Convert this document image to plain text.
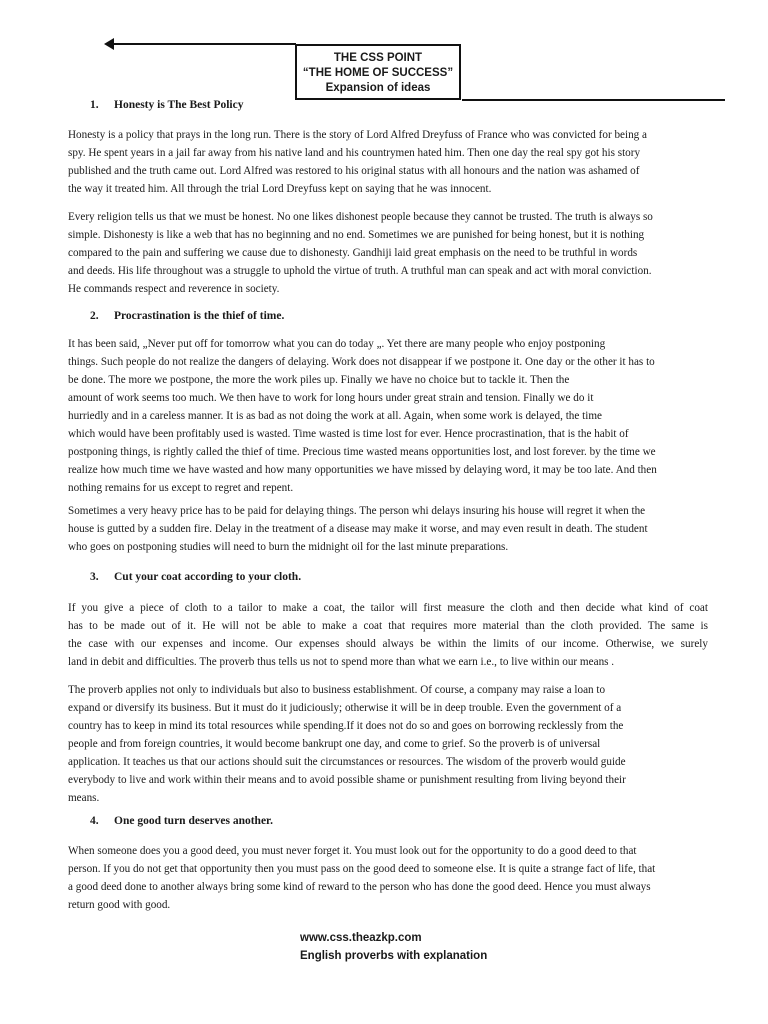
THE CSS POINT
“THE HOME OF SUCCESS”
Expansion of ideas
1. Honesty is The Best Policy
Honesty is a policy that prays in the long run. There is the story of Lord Alfred Dreyfuss of France who was convicted for being a spy. He spent years in a jail far away from his native land and his countrymen hated him. Then one day the real spy got his story published and the truth came out. Lord Alfred was restored to his original status with all honours and the nation was ashamed of the way it treated him. All through the trial Lord Dreyfuss kept on saying that he was innocent.
Every religion tells us that we must be honest. No one likes dishonest people because they cannot be trusted. The truth is always so simple. Dishonesty is like a web that has no beginning and no end. Sometimes we are punished for being honest, but it is nothing compared to the pain and suffering we cause due to dishonesty. Gandhiji laid great emphasis on the need to be truthful in words and deeds. His life throughout was a struggle to uphold the virtue of truth. A truthful man can speak and act with moral conviction. He commands respect and reverence in society.
2. Procrastination is the thief of time.
It has been said, „Never put off for tomorrow what you can do today „. Yet there are many people who enjoy postponing things. Such people do not realize the dangers of delaying. Work does not disappear if we postpone it. One day or the other it has to be done. The more we postpone, the more the work piles up. Finally we have no choice but to tackle it. Then the amount of work seems too much. We then have to work for long hours under great strain and tension. Finally we do it hurriedly and in a careless manner. It is as bad as not doing the work at all. Again, when some work is delayed, the time which would have been profitably used is wasted. Time wasted is time lost for ever. Hence procrastination, that is the habit of postponing things, is rightly called the thief of time. Precious time wasted means opportunities lost, and lost forever. by the time we realize how much time we have wasted and how many opportunities we have missed by delaying word, it may be too late. And then nothing remains for us except to regret and repent.
Sometimes a very heavy price has to be paid for delaying things. The person whi delays insuring his house will regret it when the house is gutted by a sudden fire. Delay in the treatment of a disease may make it worse, and may even result in death. The student who goes on postponing studies will need to burn the midnight oil for the last minute preparations.
3. Cut your coat according to your cloth.
If you give a piece of cloth to a tailor to make a coat, the tailor will first measure the cloth and then decide what kind of coat
has to be made out of it. He will not be able to make a coat that requires more material than the cloth provided. The same is
the case with our expenses and income. Our expenses should always be within the limits of our income. Otherwise, we surely
land in debit and difficulties. The proverb thus tells us not to spend more than what we earn i.e., to live within our means .
The proverb applies not only to individuals but also to business establishment. Of course, a company may raise a loan to expand or diversify its business. But it must do it judiciously; otherwise it will be in deep trouble. Even the government of a country has to keep in mind its total resources while spending.If it does not do so and goes on borrowing recklessly from the people and from foreign countries, it would become bankrupt one day, and come to grief. So the proverb is of universal application. It teaches us that our actions should suit the circumstances or resources. The wisdom of the proverb would guide everybody to live and work within their means and to avoid possible shame or punishment resulting from living beyond their means.
4. One good turn deserves another.
When someone does you a good deed, you must never forget it. You must look out for the opportunity to do a good deed to that person. If you do not get that opportunity then you must pass on the good deed to someone else. It is quite a strange fact of life, that a good deed done to another always bring some kind of reward to the person who has done the good deed. Hence you must always return good with good.
www.css.theazkp.com
English proverbs with explanation
